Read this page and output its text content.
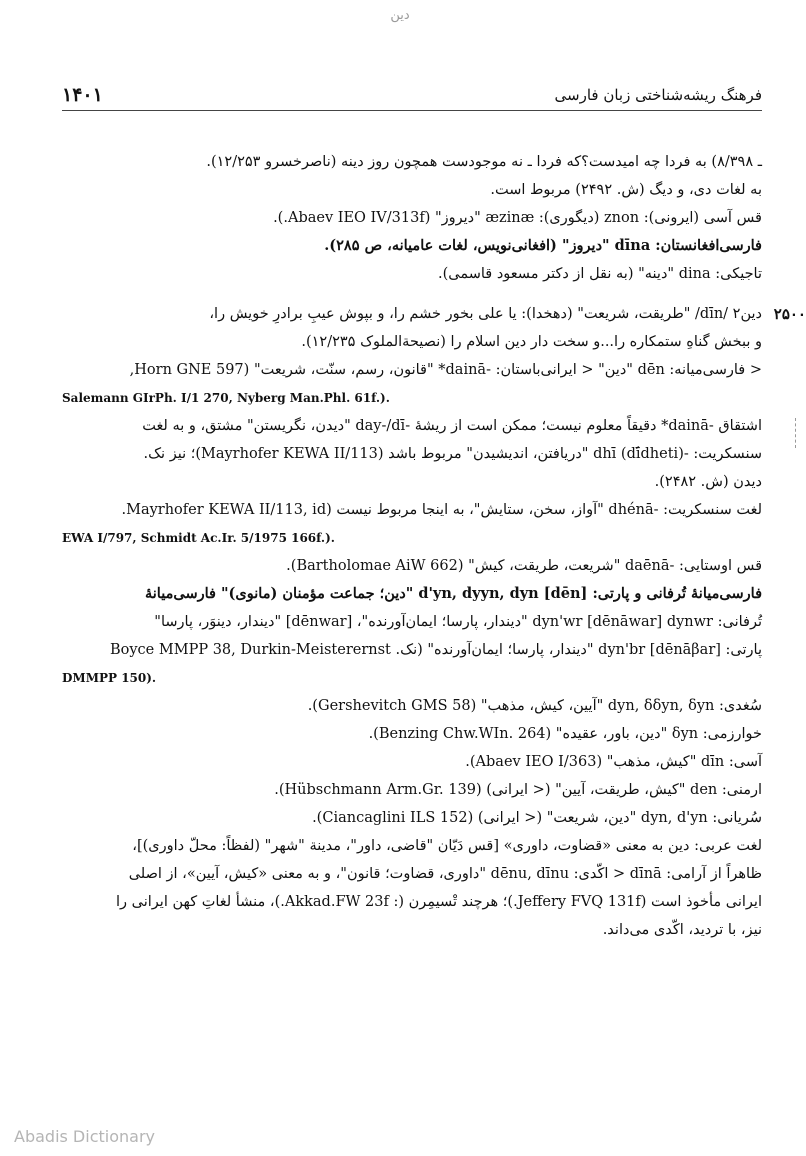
دین
۱۴۰۱	فرهنگ ریشه‌شناختی زبان فارسی

ـ ۸/۳۹۸) به فردا چه امیدست؟که فردا ـ نه موجودست همچون روز دینه (ناصرخسرو ۱۲/۲۵۳).

به لغات دی، و دیگ (ش. ۲۴۹۲) مربوط است.

قس آسی (ایرونی): znon (دیگوری): æzinæ "دیروز" (Abaev IEO IV/313f.).

فارسی‌افغانستان: dīna "دیروز" (افغانی‌نویس، لغات عامیانه، ص ۲۸۵).

تاجیکی: dina "دینه" (به نقل از دکتر مسعود قاسمی).

۲۵۰۰
دین۲ /dīn/ "طریقت، شریعت" (دهخدا): یا علی بخور خشم را، و بپوش عیبِ برادرِ خویش را،

و ببخش گناهِ ستمکاره را...و سخت دار دین اسلام را (نصیحة‌الملوک ۱۲/۲۳۵).

< فارسی‌میانه: dēn "دین" < ایرانی‌باستان: -dainā* "قانون، رسم، سنّت، شریعت" (Horn GNE 597,

Salemann GIrPh. I/1 270, Nyberg Man.Phl. 61f.).

اشتقاق -dainā* دقیقاً معلوم نیست؛ ممکن است از ریشهٔ -day-/dī "دیدن، نگریستن" مشتق، و به لغت

سنسکریت: -(dī́dheti) dhī "دریافتن، اندیشیدن" مربوط باشد (Mayrhofer KEWA II/113)؛ نیز نک.

دیدن (ش. ۲۴۸۲).

لغت سنسکریت: -dhénā "آواز، سخن، ستایش"، به اینجا مربوط نیست (Mayrhofer KEWA II/113, id.

EWA I/797, Schmidt Ac.Ir. 5/1975 166f.).

قس اوستایی: -daēnā "شریعت، طریقت، کیش" (Bartholomae AiW 662).

فارسی‌میانهٔ تُرفانی و پارتی: d'yn, dyyn, dyn [dēn] "دین؛ جماعت مؤمنان (مانوی)" فارسی‌میانهٔ

تُرفانی: dyn'wr [dēnāwar] dynwr "دیندار، پارسا؛ ایمان‌آورنده"، [dēnwar] "دیندار، دینوَر، پارسا"

پارتی: dyn'br [dēnāβar] "دیندار، پارسا؛ ایمان‌آورنده" (نک. Boyce MMPP 38, Durkin-Meisterernst

DMMPP 150).

سُغدی: dyn, δδyn, δyn "آیین، کیش، مذهب" (Gershevitch GMS 58).

خوارزمی: δyn "دین، باور، عقیده" (Benzing Chw.WIn. 264).

آسی: dīn "کیش، مذهب" (Abaev IEO I/363).

ارمنی: den "کیش، طریقت، آیین" (< ایرانی) (Hübschmann Arm.Gr. 139).

سُریانی: dyn, d'yn "دین، شریعت" (< ایرانی) (Ciancaglini ILS 152).

لغت عربی: دین به معنی «قضاوت، داوری» [قس دَیّان "قاضی، داور"، مدینة "شهر" (لفظاً: محلّ داوری)]،

ظاهراً از آرامی: dīnā < اکّدی: dēnu, dīnu "داوری، قضاوت؛ قانون"، و به معنی «کیش، آیین»، از اصلی

ایرانی مأخوذ است (Jeffery FVQ 131f.)؛ هرچند تْسیمِرن (: Akkad.FW 23f.)، منشأ لغاتِ کهن ایرانی را

نیز، با تردید، اکّدی می‌داند.

Abadis Dictionary
